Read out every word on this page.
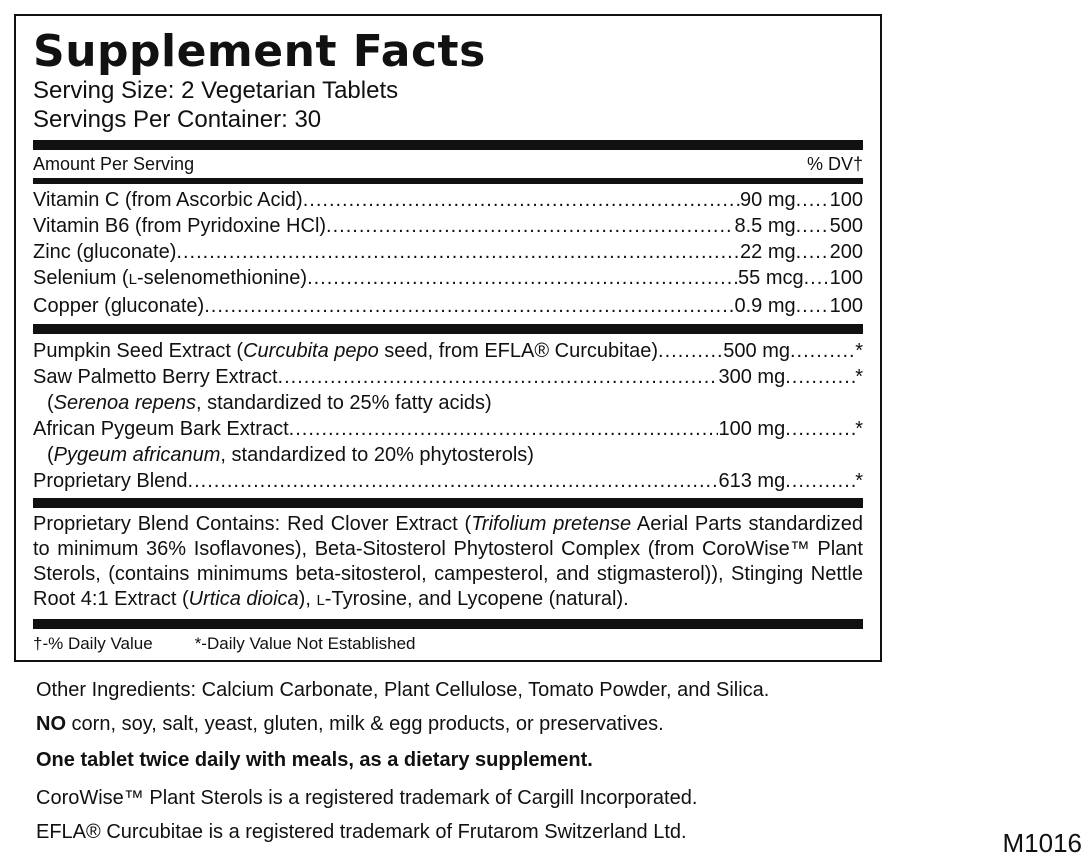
Supplement Facts
Serving Size: 2 Vegetarian Tablets
Servings Per Container: 30
Amount Per Serving	% DV†
Vitamin C (from Ascorbic Acid) .....	90 mg ..... 100
Vitamin B6 (from Pyridoxine HCl) .....	8.5 mg ..... 500
Zinc (gluconate) .....	22 mg ..... 200
Selenium (L-selenomethionine) .....	55 mcg ..... 100
Copper (gluconate) .....	0.9 mg ..... 100
Pumpkin Seed Extract (Curcubita pepo seed, from EFLA® Curcubitae) .....	500 mg .....	*
Saw Palmetto Berry Extract .....	300 mg .....	*
(Serenoa repens, standardized to 25% fatty acids)
African Pygeum Bark Extract .....	100 mg .....	*
(Pygeum africanum, standardized to 20% phytosterols)
Proprietary Blend .....	613 mg .....	*
Proprietary Blend Contains: Red Clover Extract (Trifolium pretense Aerial Parts standardized to minimum 36% Isoflavones), Beta-Sitosterol Phytosterol Complex (from CoroWise™ Plant Sterols, (contains minimums beta-sitosterol, campesterol, and stigmasterol)), Stinging Nettle Root 4:1 Extract (Urtica dioica), L-Tyrosine, and Lycopene (natural).
†-% Daily Value *-Daily Value Not Established
Other Ingredients: Calcium Carbonate, Plant Cellulose, Tomato Powder, and Silica.
NO corn, soy, salt, yeast, gluten, milk & egg products, or preservatives.
One tablet twice daily with meals, as a dietary supplement.
CoroWise™ Plant Sterols is a registered trademark of Cargill Incorporated.
EFLA® Curcubitae is a registered trademark of Frutarom Switzerland Ltd.	M1016
